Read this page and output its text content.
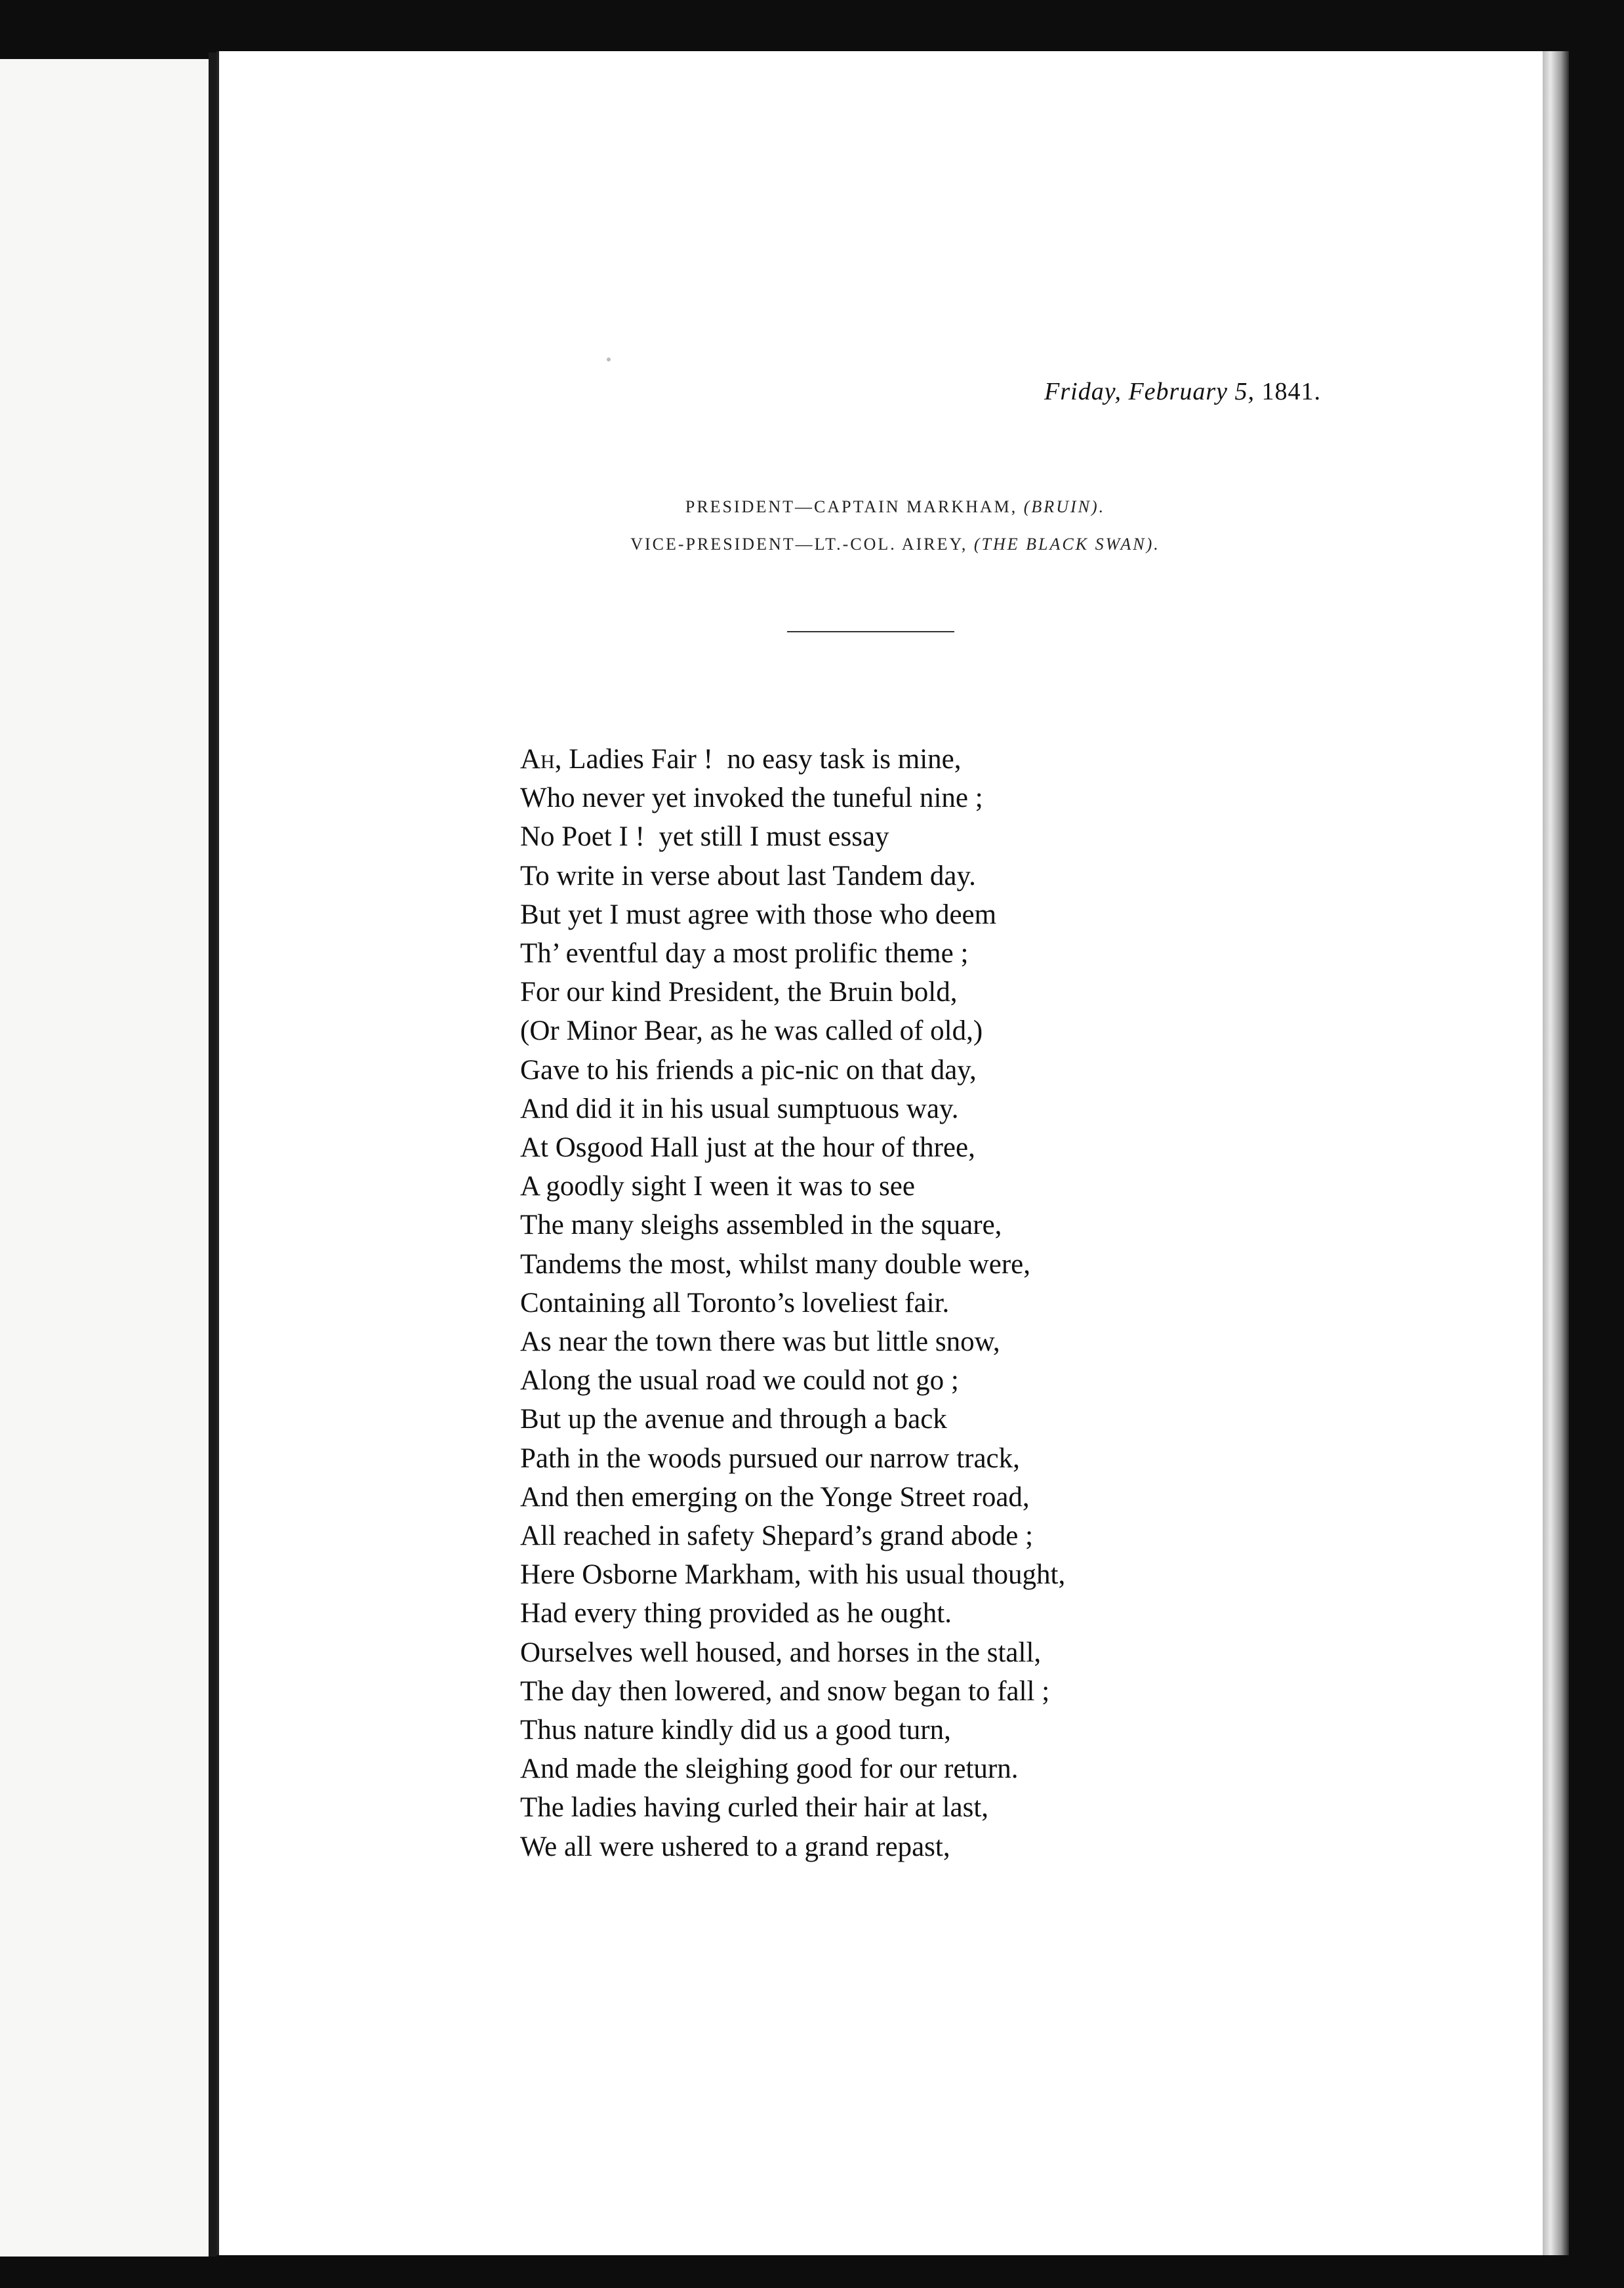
Friday, February 5, 1841.
PRESIDENT—CAPTAIN MARKHAM, (BRUIN).
VICE-PRESIDENT—LT.-COL. AIREY, (THE BLACK SWAN).
Ah, Ladies Fair !  no easy task is mine,
Who never yet invoked the tuneful nine ;
No Poet I !  yet still I must essay
To write in verse about last Tandem day.
But yet I must agree with those who deem
Th’ eventful day a most prolific theme ;
For our kind President, the Bruin bold,
(Or Minor Bear, as he was called of old,)
Gave to his friends a pic-nic on that day,
And did it in his usual sumptuous way.
At Osgood Hall just at the hour of three,
A goodly sight I ween it was to see
The many sleighs assembled in the square,
Tandems the most, whilst many double were,
Containing all Toronto’s loveliest fair.
As near the town there was but little snow,
Along the usual road we could not go ;
But up the avenue and through a back
Path in the woods pursued our narrow track,
And then emerging on the Yonge Street road,
All reached in safety Shepard’s grand abode ;
Here Osborne Markham, with his usual thought,
Had every thing provided as he ought.
Ourselves well housed, and horses in the stall,
The day then lowered, and snow began to fall ;
Thus nature kindly did us a good turn,
And made the sleighing good for our return.
The ladies having curled their hair at last,
We all were ushered to a grand repast,
